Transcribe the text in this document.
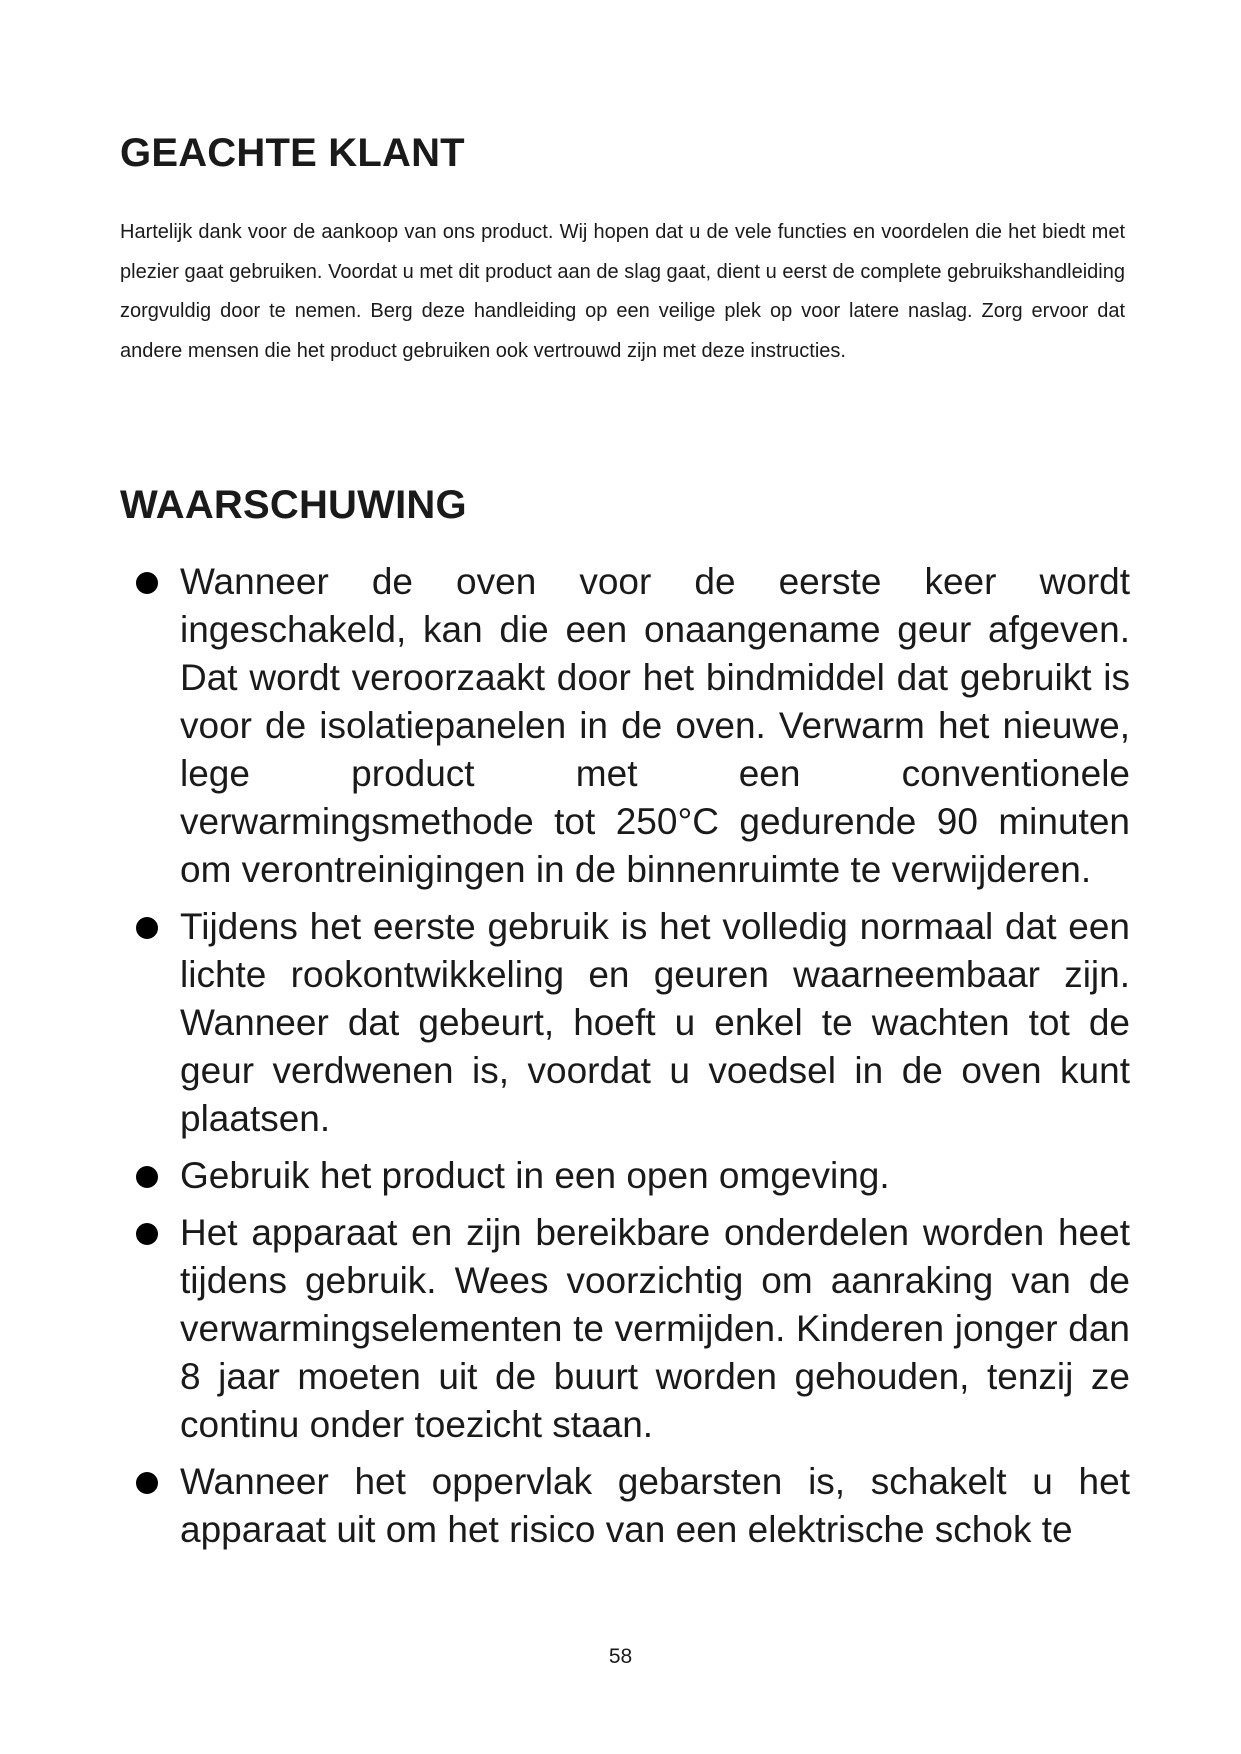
GEACHTE KLANT

Hartelijk dank voor de aankoop van ons product. Wij hopen dat u de vele functies en voordelen die het biedt met plezier gaat gebruiken. Voordat u met dit product aan de slag gaat, dient u eerst de complete gebruikshandleiding zorgvuldig door te nemen. Berg deze handleiding op een veilige plek op voor latere naslag. Zorg ervoor dat andere mensen die het product gebruiken ook vertrouwd zijn met deze instructies.

WAARSCHUWING
Wanneer de oven voor de eerste keer wordt ingeschakeld, kan die een onaangename geur afgeven. Dat wordt veroorzaakt door het bindmiddel dat gebruikt is voor de isolatiepanelen in de oven. Verwarm het nieuwe, lege product met een conventionele verwarmingsmethode tot 250°C gedurende 90 minuten om verontreinigingen in de binnenruimte te verwijderen.
Tijdens het eerste gebruik is het volledig normaal dat een lichte rookontwikkeling en geuren waarneembaar zijn. Wanneer dat gebeurt, hoeft u enkel te wachten tot de geur verdwenen is, voordat u voedsel in de oven kunt plaatsen.
Gebruik het product in een open omgeving.
Het apparaat en zijn bereikbare onderdelen worden heet tijdens gebruik. Wees voorzichtig om aanraking van de verwarmingselementen te vermijden. Kinderen jonger dan 8 jaar moeten uit de buurt worden gehouden, tenzij ze continu onder toezicht staan.
Wanneer het oppervlak gebarsten is, schakelt u het apparaat uit om het risico van een elektrische schok te
58
